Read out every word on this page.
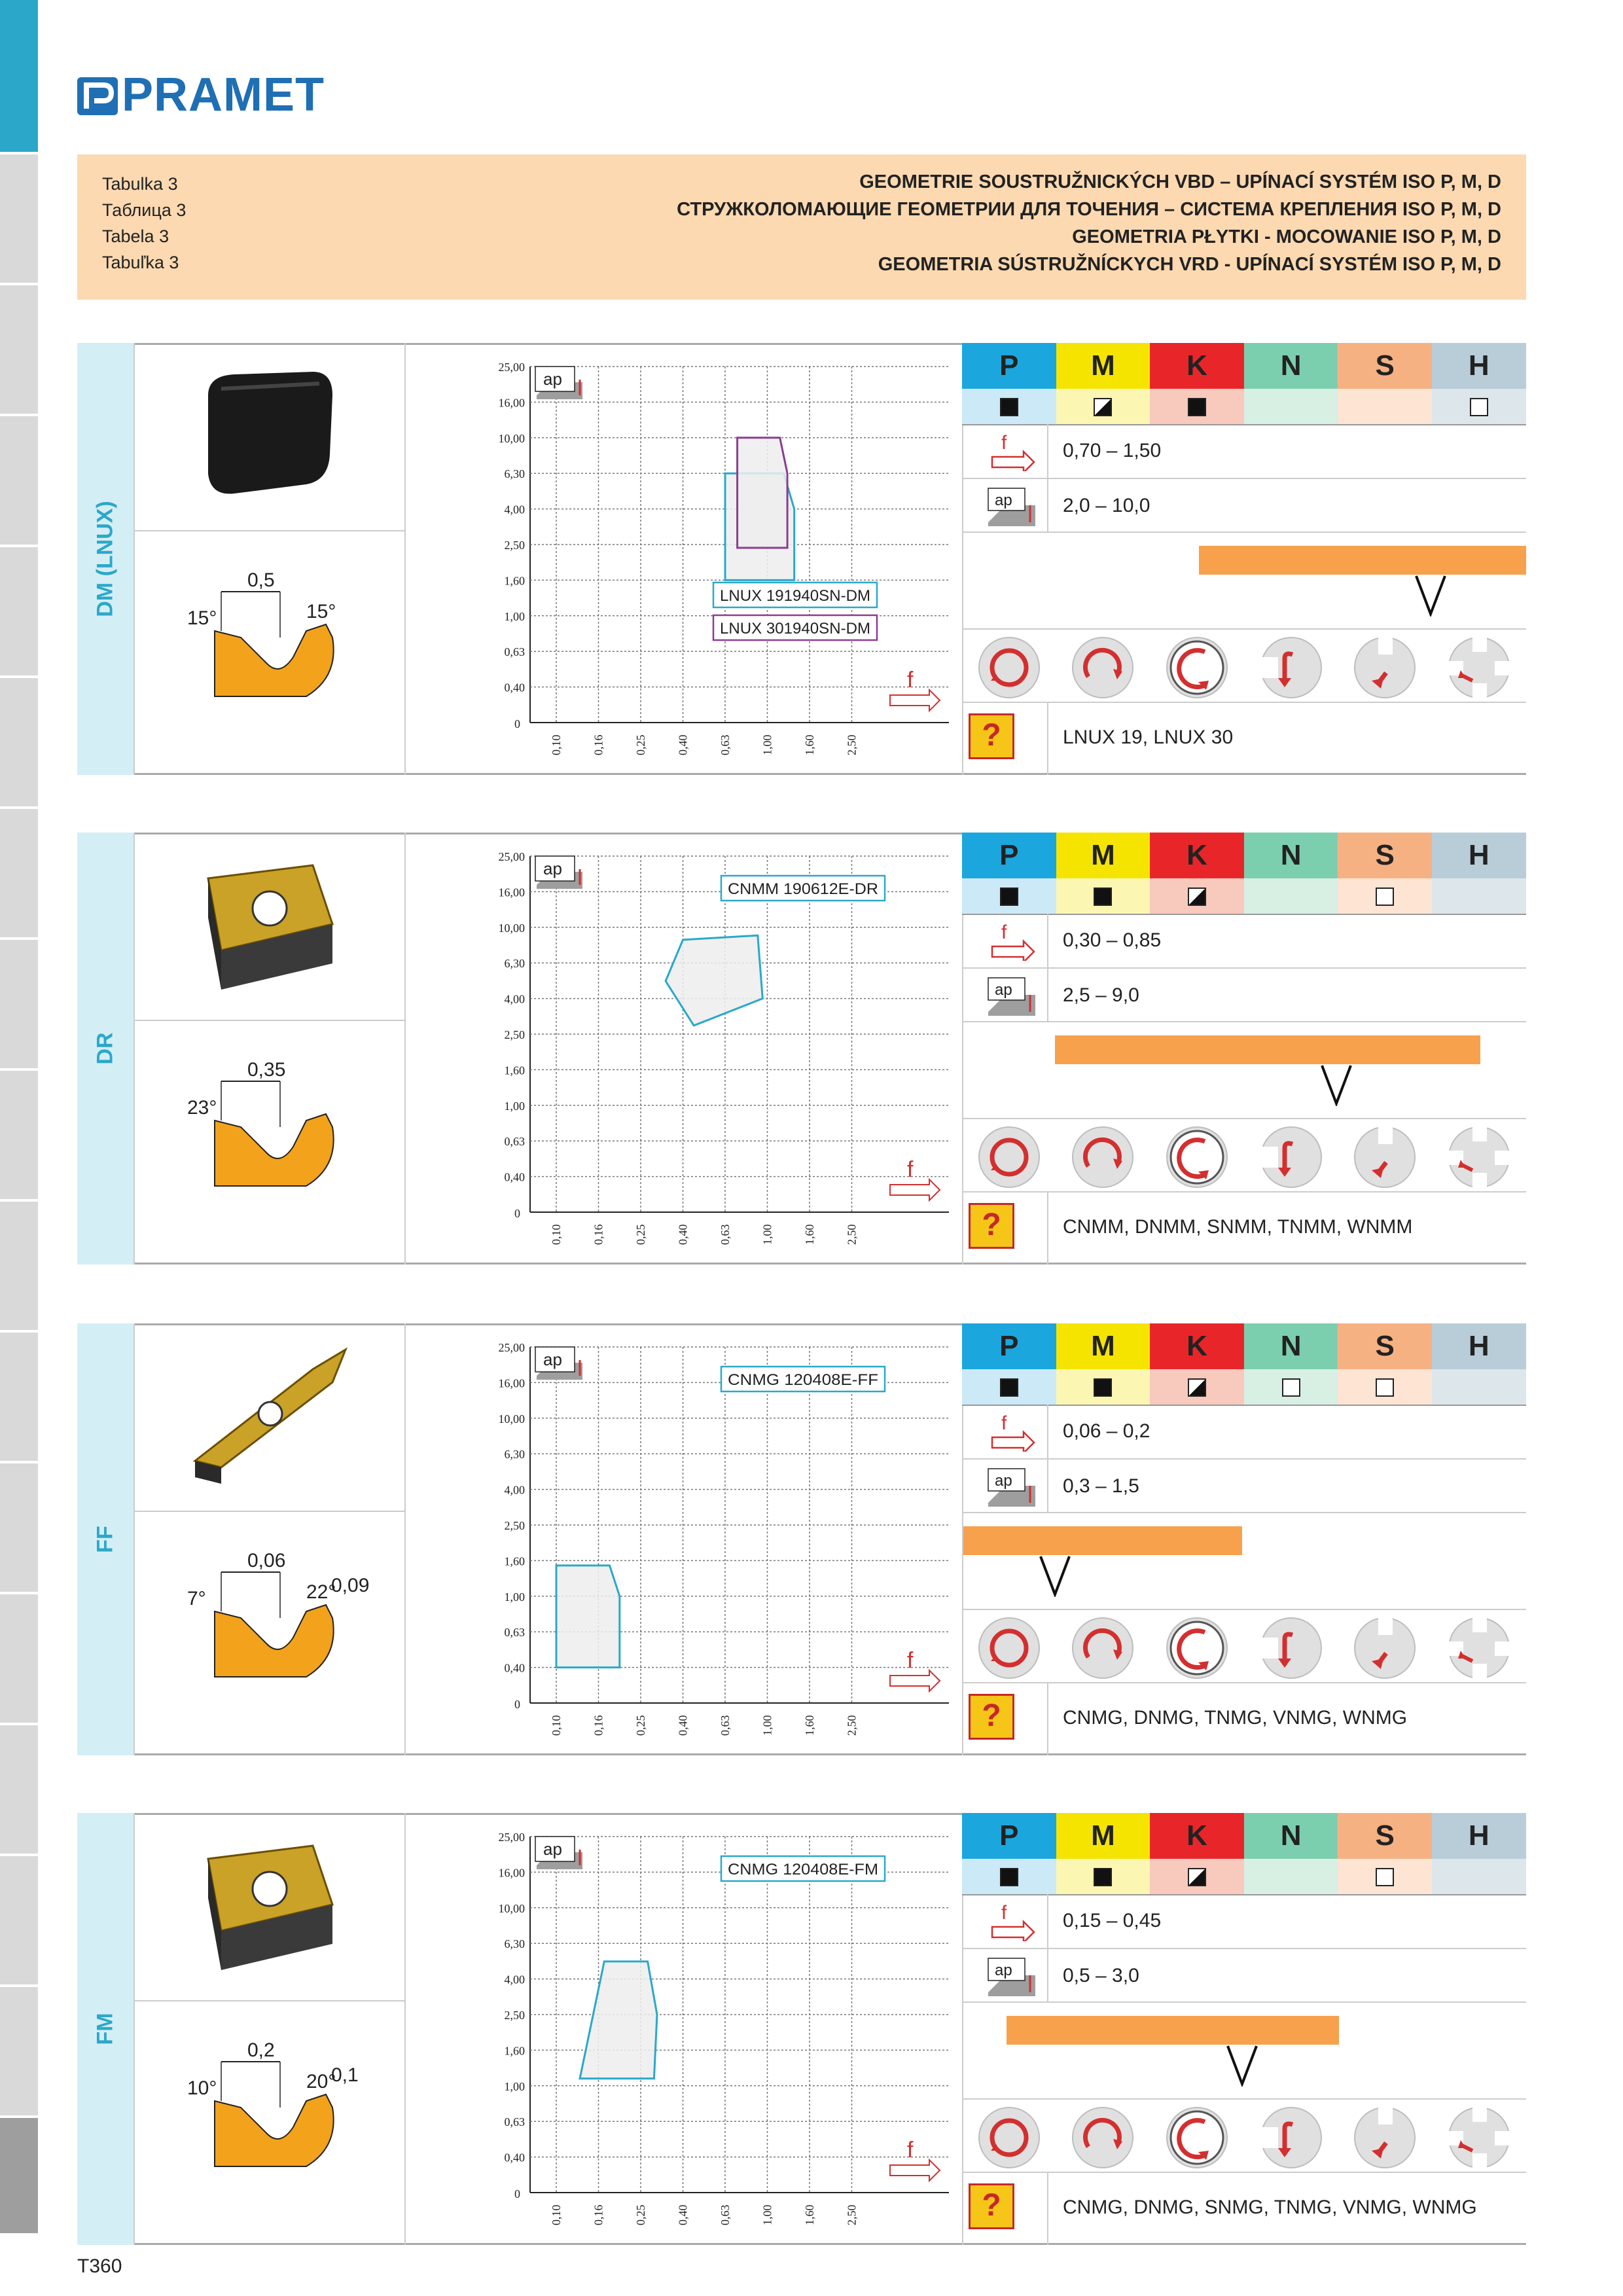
PRAMET
Tabulka 3
Таблица 3
Tabela 3
Tabuľka 3
GEOMETRIE SOUSTRUŽNICKÝCH VBD – UPÍNACÍ SYSTÉM ISO P, M, D
СТРУЖКОЛОМАЮЩИЕ ГЕОМЕТРИИ ДЛЯ ТОЧЕНИЯ – СИСТЕМА КРЕПЛЕНИЯ ISO P, M, D
GEOMETRIA PŁYTKI - MOCOWANIE ISO P, M, D
GEOMETRIA SÚSTRUŽNÍCKYCH VRD - UPÍNACÍ SYSTÉM ISO P, M, D
DM (LNUX)	0,5
15°	15°
25,00
16,00
10,00
6,30
4,00
2,50
1,60
1,00
0,63
0,40
0
0,10 0,16 0,25 0,40 0,63 1,00 1,60 2,50
ap
f
LNUX 191940SN-DM
LNUX 301940SN-DM
P	M	K	N	S	H
f	0,70 – 1,50
ap	2,0 – 10,0
?	LNUX 19, LNUX 30
DR
0,35
23°
25,00
16,00
10,00
6,30
4,00
2,50
1,60
1,00
0,63
0,40
0
0,10 0,16 0,25 0,40 0,63 1,00 1,60 2,50
ap
f
CNMM 190612E-DR
P	M	K	N	S	H
f	0,30 – 0,85
ap	2,5 – 9,0
?	CNMM, DNMM, SNMM, TNMM, WNMM
FF
0,06
7°	22°
0,09
25,00
16,00
10,00
6,30
4,00
2,50
1,60
1,00
0,63
0,40
0
0,10 0,16 0,25 0,40 0,63 1,00 1,60 2,50
ap
f
CNMG 120408E-FF
P	M	K	N	S	H
f	0,06 – 0,2
ap	0,3 – 1,5
?	CNMG, DNMG, TNMG, VNMG, WNMG
FM
0,2
10°	20°
0,1
25,00
16,00
10,00
6,30
4,00
2,50
1,60
1,00
0,63
0,40
0
0,10 0,16 0,25 0,40 0,63 1,00 1,60 2,50
ap
f
CNMG 120408E-FM
P	M	K	N	S	H
f	0,15 – 0,45
ap	0,5 – 3,0
?	CNMG, DNMG, SNMG, TNMG, VNMG, WNMG
T360
